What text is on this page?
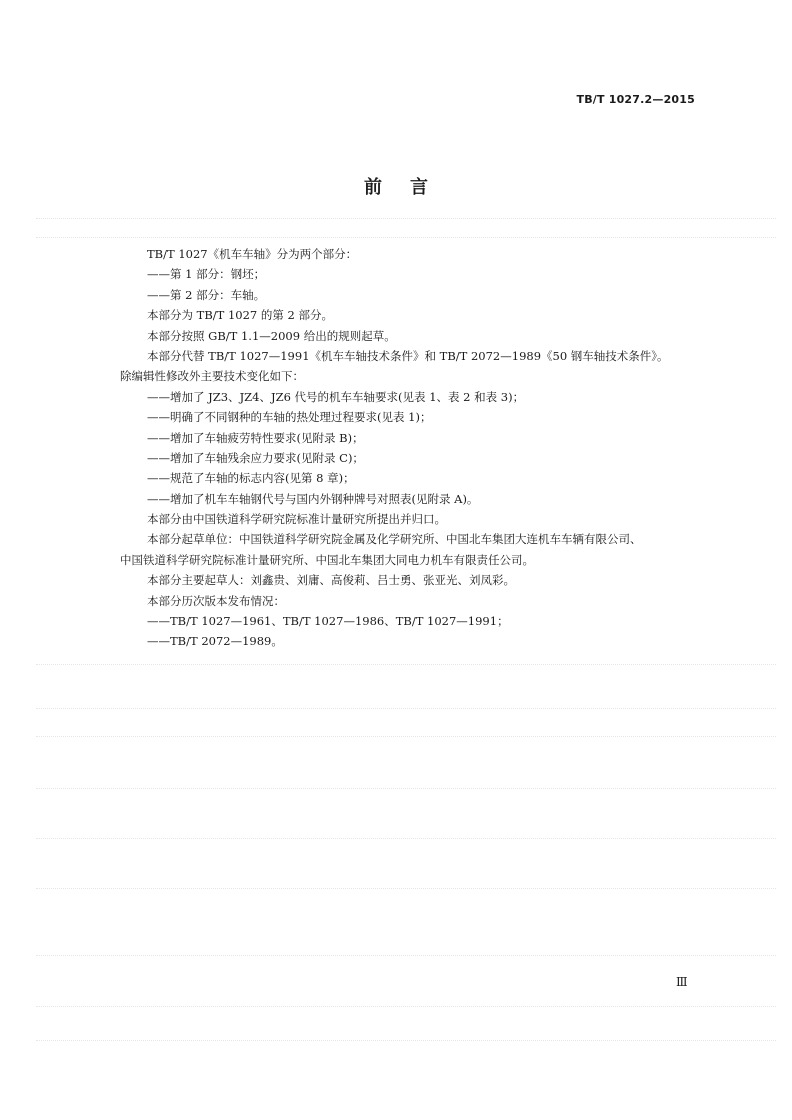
TB/T 1027.2—2015
前言
TB/T 1027《机车车轴》分为两个部分：
——第 1 部分：钢坯；
——第 2 部分：车轴。
本部分为 TB/T 1027 的第 2 部分。
本部分按照 GB/T 1.1—2009 给出的规则起草。
本部分代替 TB/T 1027—1991《机车车轴技术条件》和 TB/T 2072—1989《50 钢车轴技术条件》。
除编辑性修改外主要技术变化如下：
——增加了 JZ3、JZ4、JZ6 代号的机车车轴要求(见表 1、表 2 和表 3)；
——明确了不同钢种的车轴的热处理过程要求(见表 1)；
——增加了车轴疲劳特性要求(见附录 B)；
——增加了车轴残余应力要求(见附录 C)；
——规范了车轴的标志内容(见第 8 章)；
——增加了机车车轴钢代号与国内外钢种牌号对照表(见附录 A)。
本部分由中国铁道科学研究院标准计量研究所提出并归口。
本部分起草单位：中国铁道科学研究院金属及化学研究所、中国北车集团大连机车车辆有限公司、
中国铁道科学研究院标准计量研究所、中国北车集团大同电力机车有限责任公司。
本部分主要起草人：刘鑫贵、刘庸、高俊莉、吕士勇、张亚光、刘凤彩。
本部分历次版本发布情况：
——TB/T 1027—1961、TB/T 1027—1986、TB/T 1027—1991；
——TB/T 2072—1989。
Ⅲ
